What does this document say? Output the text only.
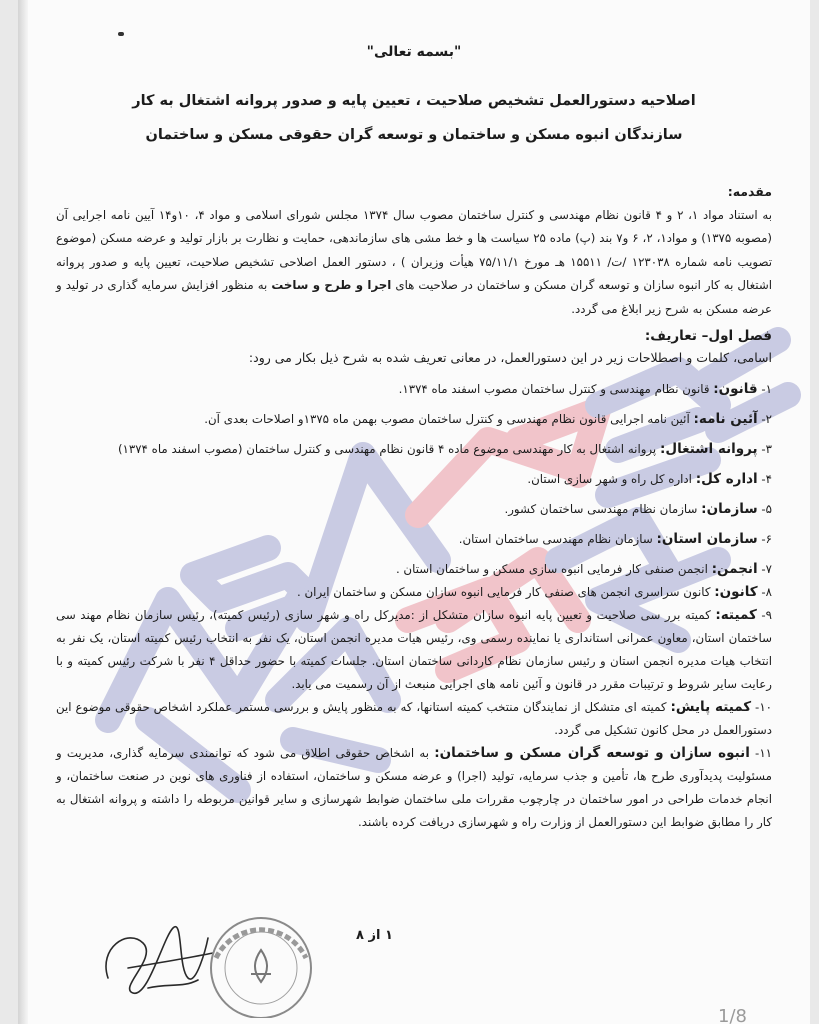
"بسمه تعالی"
اصلاحیه دستورالعمل تشخیص صلاحیت ، تعیین پایه و صدور پروانه اشتغال به کار
سازندگان انبوه مسکن و ساختمان و توسعه گران حقوقی مسکن و ساختمان

مقدمه:

به استناد مواد ۱، ۲ و ۴ قانون نظام مهندسی و کنترل ساختمان مصوب سال ۱۳۷۴ مجلس شورای اسلامی و مواد ۴، ۱۰و۱۴ آیین نامه اجرایی آن (مصوبه ۱۳۷۵) و مواد۱، ۲، ۶ و۷ بند (پ) ماده ۲۵ سیاست ها و خط مشی های سازماندهی، حمایت و نظارت بر بازار تولید و عرضه مسکن (موضوع تصویب نامه شماره ۱۲۳۰۳۸ /ت/ ۱۵۵۱۱ هـ مورخ ۷۵/۱۱/۱ هیأت وزیران ) ، دستور العمل اصلاحی تشخیص صلاحیت، تعیین پایه و صدور پروانه اشتغال به کار انبوه سازان و توسعه گران مسکن و ساختمان در صلاحیت های اجرا و طرح و ساخت به منظور افزایش سرمایه گذاری در تولید و عرضه مسکن به شرح زیر ابلاغ می گردد.

فصل اول– تعاریف:

اسامی، کلمات و اصطلاحات زیر در این دستورالعمل، در معانی تعریف شده به شرح ذیل بکار می رود:

۱- قانون: قانون نظام مهندسی و کنترل ساختمان مصوب اسفند ماه ۱۳۷۴.

۲- آئین نامه: آئین نامه اجرایی قانون نظام مهندسی و کنترل ساختمان مصوب بهمن ماه ۱۳۷۵و اصلاحات بعدی آن.

۳- پروانه اشتغال: پروانه اشتغال به کار مهندسی موضوع ماده ۴ قانون نظام مهندسی و کنترل ساختمان (مصوب اسفند ماه ۱۳۷۴)

۴- اداره کل: اداره کل راه و شهر سازی استان.

۵- سازمان: سازمان نظام مهندسی ساختمان کشور.

۶- سازمان استان: سازمان نظام مهندسی ساختمان استان.

۷- انجمن: انجمن صنفی کار فرمایی انبوه سازی مسکن و ساختمان استان .

۸- کانون: کانون سراسری انجمن های صنفی کار فرمایی انبوه سازان مسکن و ساختمان ایران .

۹- کمیته: کمیته برر سی صلاحیت و تعیین پایه انبوه سازان متشکل از :مدیرکل راه و شهر سازی (رئیس کمیته)، رئیس سازمان نظام مهند سی ساختمان استان، معاون عمرانی استانداری یا نماینده رسمی وی، رئیس هیات مدیره انجمن استان، یک نفر به انتخاب رئیس کمیته استان، یک نفر به انتخاب هیات مدیره انجمن استان و رئیس سازمان نظام کاردانی ساختمان استان. جلسات کمیته با حضور حداقل ۴ نفر با شرکت رئیس کمیته و با رعایت سایر شروط و ترتیبات مقرر در قانون و آئین نامه های اجرایی منبعث از آن رسمیت می یابد.

۱۰- کمیته پایش: کمیته ای متشکل از نمایندگان منتخب کمیته استانها، که به منظور پایش و بررسی مستمر عملکرد اشخاص حقوقی موضوع این دستورالعمل در محل کانون تشکیل می گردد.

۱۱- انبوه سازان و توسعه گران مسکن و ساختمان: به اشخاص حقوقی اطلاق می شود که توانمندی سرمایه گذاری، مدیریت و مسئولیت پدیدآوری طرح ها، تأمین و جذب سرمایه، تولید (اجرا) و عرضه مسکن و ساختمان، استفاده از فناوری های نوین در صنعت ساختمان، و انجام خدمات طراحی در امور ساختمان در چارچوب مقررات ملی ساختمان ضوابط شهرسازی و سایر قوانین مربوطه را داشته و پروانه اشتغال به کار را مطابق ضوابط این دستورالعمل از وزارت راه و شهرسازی دریافت کرده باشند.

۱ از ۸
1/8
